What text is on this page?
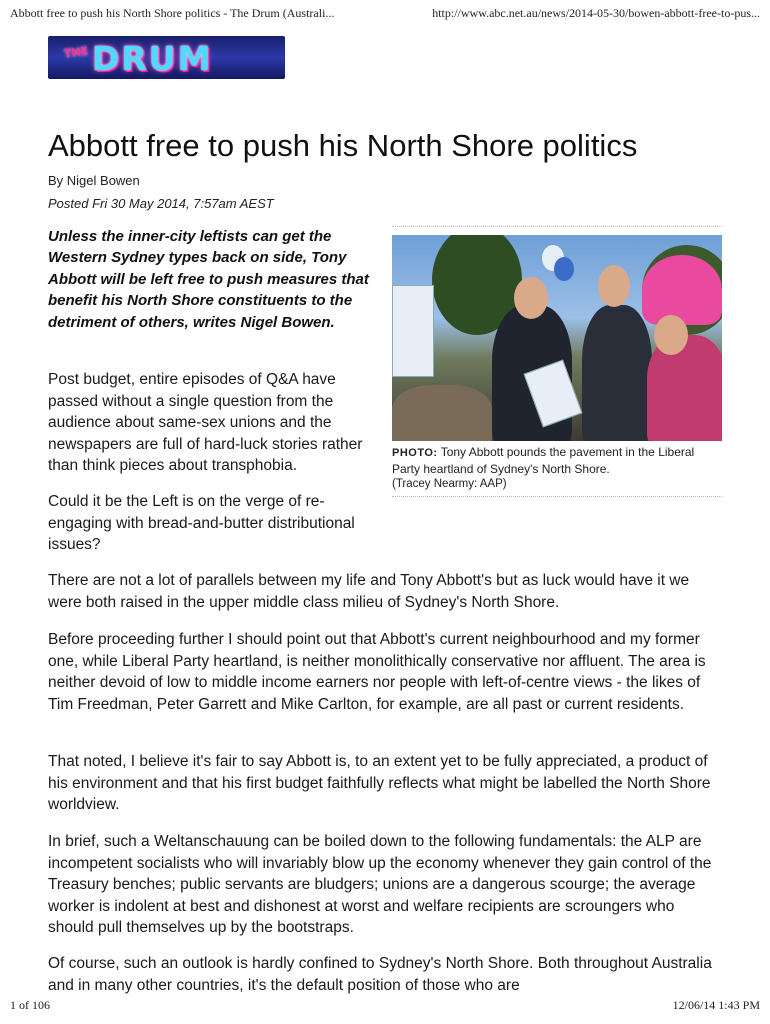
Abbott free to push his North Shore politics - The Drum (Australi...	http://www.abc.net.au/news/2014-05-30/bowen-abbott-free-to-pus...
THE DRUM
Abbott free to push his North Shore politics
By Nigel Bowen
Posted Fri 30 May 2014, 7:57am AEST

Unless the inner-city leftists can get the Western Sydney types back on side, Tony Abbott will be left free to push measures that benefit his North Shore constituents to the detriment of others, writes Nigel Bowen.

Post budget, entire episodes of Q&A have passed without a single question from the audience about same-sex unions and the newspapers are full of hard-luck stories rather than think pieces about transphobia.

Could it be the Left is on the verge of re-engaging with bread-and-butter distributional issues?

There are not a lot of parallels between my life and Tony Abbott's but as luck would have it we were both raised in the upper middle class milieu of Sydney's North Shore.

Before proceeding further I should point out that Abbott's current neighbourhood and my former one, while Liberal Party heartland, is neither monolithically conservative nor affluent. The area is neither devoid of low to middle income earners nor people with left-of-centre views - the likes of Tim Freedman, Peter Garrett and Mike Carlton, for example, are all past or current residents.

That noted, I believe it's fair to say Abbott is, to an extent yet to be fully appreciated, a product of his environment and that his first budget faithfully reflects what might be labelled the North Shore worldview.

In brief, such a Weltanschauung can be boiled down to the following fundamentals: the ALP are incompetent socialists who will invariably blow up the economy whenever they gain control of the Treasury benches; public servants are bludgers; unions are a dangerous scourge; the average worker is indolent at best and dishonest at worst and welfare recipients are scroungers who should pull themselves up by the bootstraps.

Of course, such an outlook is hardly confined to Sydney's North Shore. Both throughout Australia and in many other countries, it's the default position of those who are

PHOTO: Tony Abbott pounds the pavement in the Liberal Party heartland of Sydney's North Shore.
(Tracey Nearmy: AAP)
1 of 106	12/06/14 1:43 PM
